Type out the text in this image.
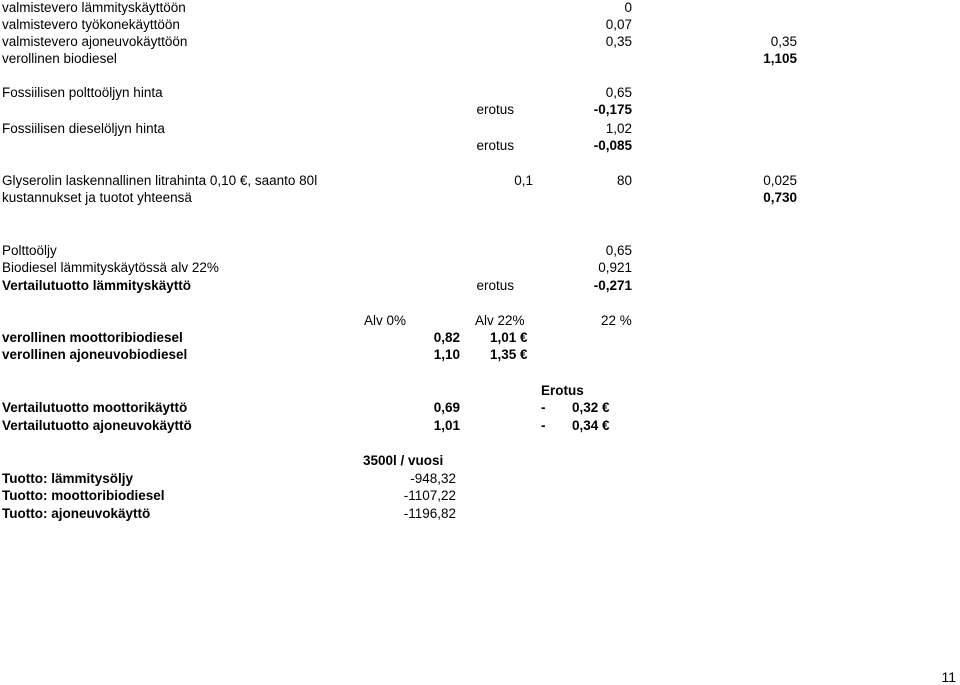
valmistevero lämmityskäyttöön	0
valmistevero työkonekäyttöön	0,07
valmistevero ajoneuvokäyttöön	0,35	0,35
verollinen biodiesel	1,105
Fossiilisen polttoöljyn hinta	0,65
erotus	-0,175
Fossiilisen dieselöljyn hinta	1,02
erotus	-0,085
Glyserolin laskennallinen litrahinta 0,10 €, saanto 80l	0,1	80	0,025
kustannukset ja tuotot yhteensä	0,730
Polttoöljy	0,65
Biodiesel lämmityskäytössä alv 22%	0,921
Vertailutuotto lämmityskäyttö	erotus	-0,271
Alv 0%	Alv 22%	22 %
verollinen moottoribiodiesel	0,82 1,01 €
verollinen ajoneuvobiodiesel	1,10 1,35 €
Erotus
Vertailutuotto moottorikäyttö	0,69	- 0,32 €
Vertailutuotto ajoneuvokäyttö	1,01	- 0,34 €
3500l / vuosi
Tuotto: lämmitysöljy	-948,32
Tuotto: moottoribiodiesel	-1107,22
Tuotto: ajoneuvokäyttö	-1196,82
11
